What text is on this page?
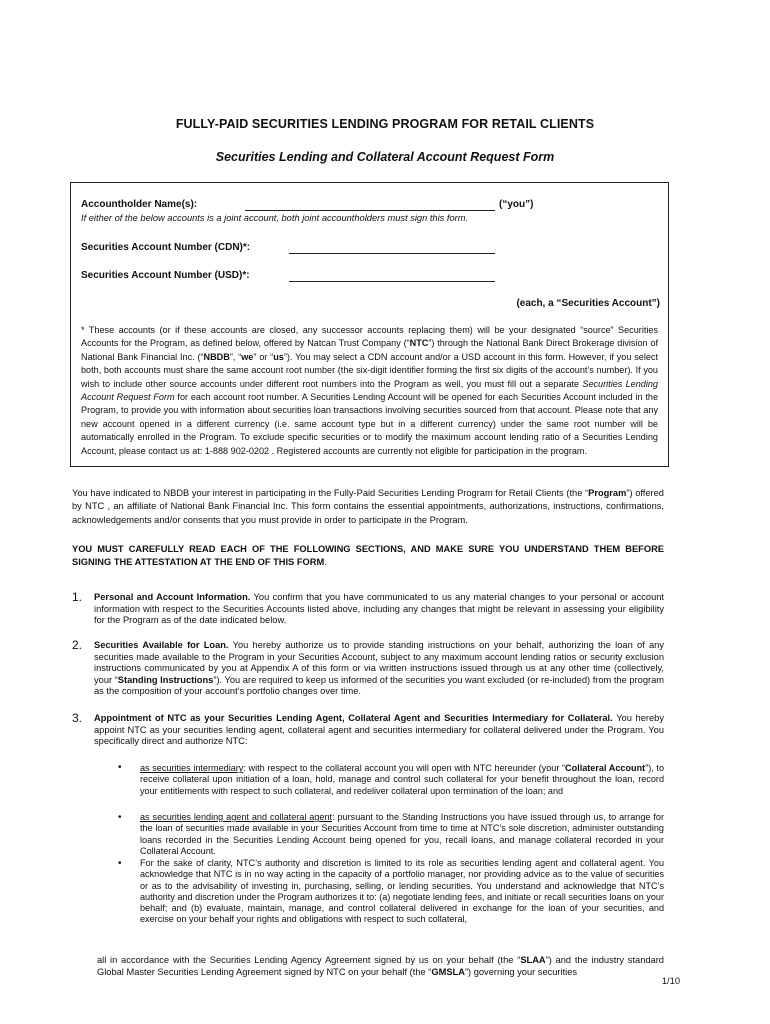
FULLY-PAID SECURITIES LENDING PROGRAM FOR RETAIL CLIENTS
Securities Lending and Collateral Account Request Form
Accountholder Name(s):	(“you”)
If either of the below accounts is a joint account, both joint accountholders must sign this form.
Securities Account Number (CDN)*:
Securities Account Number (USD)*:
(each, a “Securities Account”)
* These accounts (or if these accounts are closed, any successor accounts replacing them) will be your designated “source” Securities Accounts for the Program, as defined below, offered by Natcan Trust Company (“NTC”) through the National Bank Direct Brokerage division of National Bank Financial Inc. (“NBDB”, “we” or “us”). You may select a CDN account and/or a USD account in this form. However, if you select both, both accounts must share the same account root number (the six-digit identifier forming the first six digits of the account’s number). If you wish to include other source accounts under different root numbers into the Program as well, you must fill out a separate Securities Lending Account Request Form for each account root number. A Securities Lending Account will be opened for each Securities Account included in the Program, to provide you with information about securities loan transactions involving securities sourced from that account. Please note that any new account opened in a different currency (i.e. same account type but in a different currency) under the same root number will be automatically enrolled in the Program. To exclude specific securities or to modify the maximum account lending ratio of a Securities Lending Account, please contact us at: 1-888 902-0202 . Registered accounts are currently not eligible for participation in the program.
You have indicated to NBDB your interest in participating in the Fully-Paid Securities Lending Program for Retail Clients (the “Program”) offered by NTC , an affiliate of National Bank Financial Inc. This form contains the essential appointments, authorizations, instructions, confirmations, acknowledgements and/or consents that you must provide in order to participate in the Program.
YOU MUST CAREFULLY READ EACH OF THE FOLLOWING SECTIONS, AND MAKE SURE YOU UNDERSTAND THEM BEFORE SIGNING THE ATTESTATION AT THE END OF THIS FORM.
1. Personal and Account Information. You confirm that you have communicated to us any material changes to your personal or account information with respect to the Securities Accounts listed above, including any changes that might be relevant in assessing your eligibility for the Program as of the date indicated below.
2. Securities Available for Loan. You hereby authorize us to provide standing instructions on your behalf, authorizing the loan of any securities made available to the Program in your Securities Account, subject to any maximum account lending ratios or security exclusion instructions communicated by you at Appendix A of this form or via written instructions issued through us at any other time (collectively, your “Standing Instructions”). You are required to keep us informed of the securities you want excluded (or re-included) from the program as the composition of your account’s portfolio changes over time.
3. Appointment of NTC as your Securities Lending Agent, Collateral Agent and Securities Intermediary for Collateral. You hereby appoint NTC as your securities lending agent, collateral agent and securities intermediary for collateral delivered under the Program. You specifically direct and authorize NTC:
• as securities intermediary: with respect to the collateral account you will open with NTC hereunder (your “Collateral Account”), to receive collateral upon initiation of a loan, hold, manage and control such collateral for your benefit throughout the loan, record your entitlements with respect to such collateral, and redeliver collateral upon termination of the loan; and
• as securities lending agent and collateral agent: pursuant to the Standing Instructions you have issued through us, to arrange for the loan of securities made available in your Securities Account from time to time at NTC’s sole discretion, administer outstanding loans recorded in the Securities Lending Account being opened for you, recall loans, and manage collateral recorded in your Collateral Account.
• For the sake of clarity, NTC’s authority and discretion is limited to its role as securities lending agent and collateral agent. You acknowledge that NTC is in no way acting in the capacity of a portfolio manager, nor providing advice as to the value of securities or as to the advisability of investing in, purchasing, selling, or lending securities. You understand and acknowledge that NTC’s authority and discretion under the Program authorizes it to: (a) negotiate lending fees, and initiate or recall securities loans on your behalf; and (b) evaluate, maintain, manage, and control collateral delivered in exchange for the loan of your securities, and exercise on your behalf your rights and obligations with respect to such collateral,
all in accordance with the Securities Lending Agency Agreement signed by us on your behalf (the “SLAA”) and the industry standard Global Master Securities Lending Agreement signed by NTC on your behalf (the “GMSLA”) governing your securities
1/10
